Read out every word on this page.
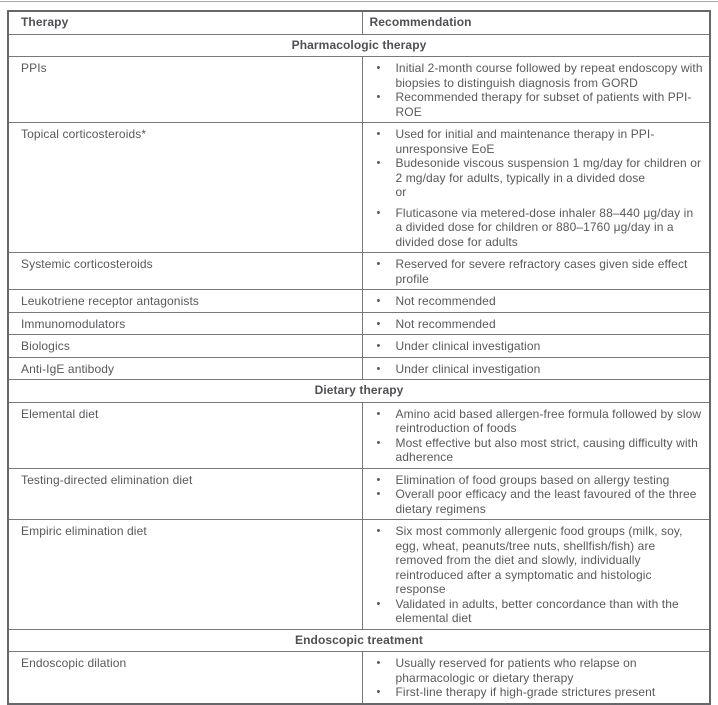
Therapy	Recommendation
Pharmacologic therapy	
PPIs	
•Initial 2-month course followed by repeat endoscopy with biopsies to distinguish diagnosis from GORD
• Recommended therapy for subset of patients with PPI-ROE

Topical corticosteroids*	
•Used for initial and maintenance therapy in PPI-unresponsive EoE
• Budesonide viscous suspension 1 mg/day for children or 2 mg/day for adults, typically in a divided dose
or
• Fluticasone via metered-dose inhaler 88–440 μg/day in a divided dose for children or 880–1760 μg/day in a divided dose for adults

Systemic corticosteroids	
•Reserved for severe refractory cases given side effect profile

Leukotriene receptor antagonists	
•Not recommended

Immunomodulators	
•Not recommended

Biologics	
•Under clinical investigation

Anti-IgE antibody	
•Under clinical investigation

Dietary therapy	
Elemental diet	
•Amino acid based allergen-free formula followed by slow reintroduction of foods
• Most effective but also most strict, causing difficulty with adherence

Testing-directed elimination diet	
•Elimination of food groups based on allergy testing
• Overall poor efficacy and the least favoured of the three dietary regimens

Empiric elimination diet	
•Six most commonly allergenic food groups (milk, soy, egg, wheat, peanuts/tree nuts, shellfish/fish) are removed from the diet and slowly, individually reintroduced after a symptomatic and histologic response
• Validated in adults, better concordance than with the elemental diet

Endoscopic treatment	
Endoscopic dilation	
•Usually reserved for patients who relapse on pharmacologic or dietary therapy
• First-line therapy if high-grade strictures present
